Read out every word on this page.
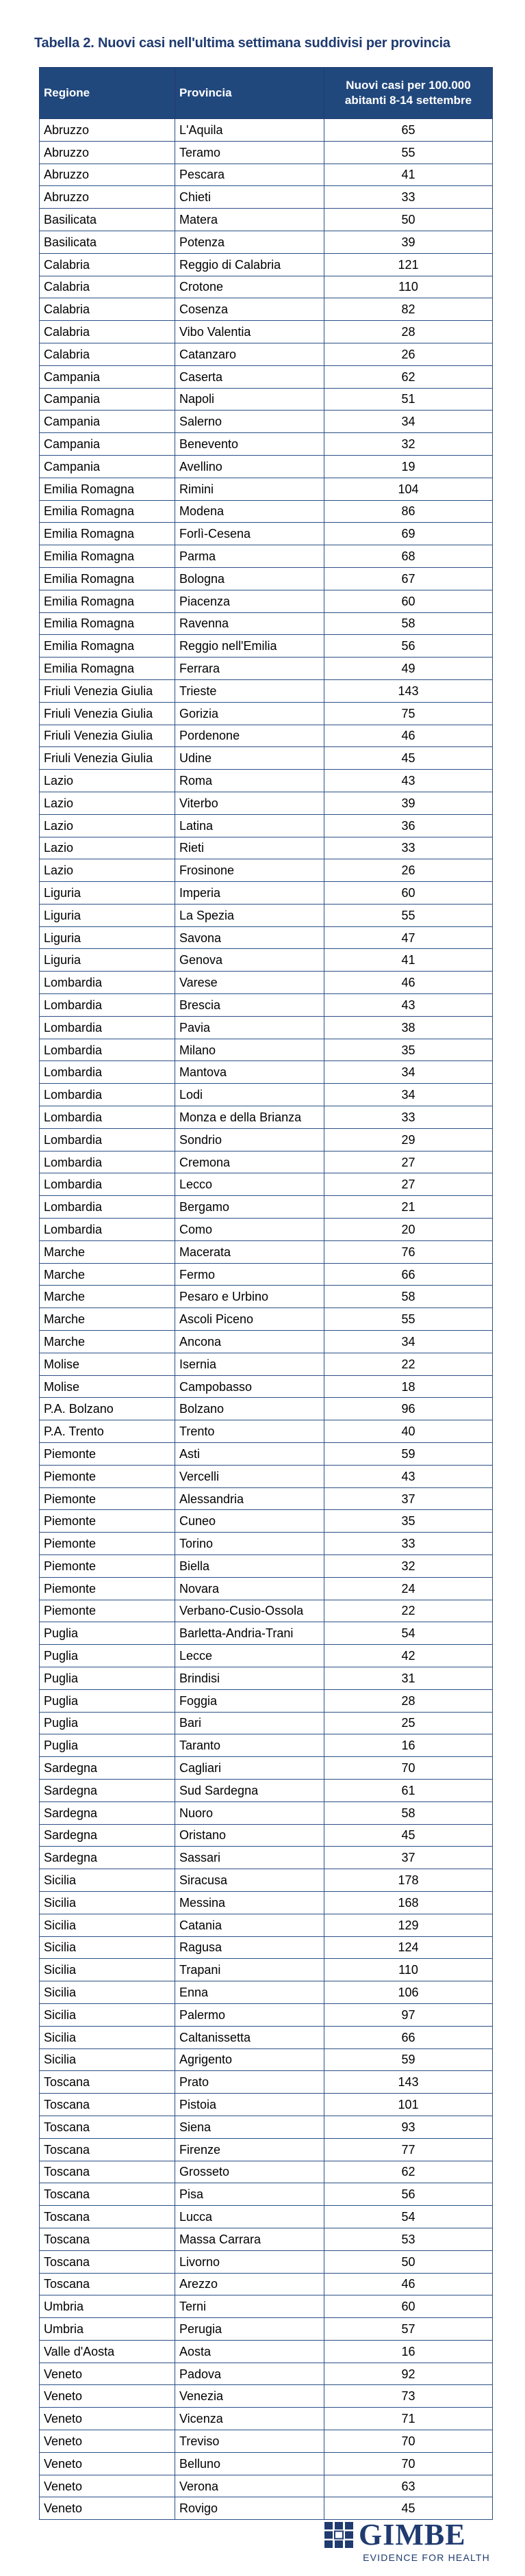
Tabella 2. Nuovi casi nell'ultima settimana suddivisi per provincia
Regione	Provincia	Nuovi casi per 100.000
abitanti 8-14 settembre

Abruzzo	L'Aquila	65
Abruzzo	Teramo	55
Abruzzo	Pescara	41
Abruzzo	Chieti	33
Basilicata	Matera	50
Basilicata	Potenza	39
Calabria	Reggio di Calabria	121
Calabria	Crotone	110
Calabria	Cosenza	82
Calabria	Vibo Valentia	28
Calabria	Catanzaro	26
Campania	Caserta	62
Campania	Napoli	51
Campania	Salerno	34
Campania	Benevento	32
Campania	Avellino	19
Emilia Romagna	Rimini	104
Emilia Romagna	Modena	86
Emilia Romagna	Forlì-Cesena	69
Emilia Romagna	Parma	68
Emilia Romagna	Bologna	67
Emilia Romagna	Piacenza	60
Emilia Romagna	Ravenna	58
Emilia Romagna	Reggio nell'Emilia	56
Emilia Romagna	Ferrara	49
Friuli Venezia Giulia	Trieste	143
Friuli Venezia Giulia	Gorizia	75
Friuli Venezia Giulia	Pordenone	46
Friuli Venezia Giulia	Udine	45
Lazio	Roma	43
Lazio	Viterbo	39
Lazio	Latina	36
Lazio	Rieti	33
Lazio	Frosinone	26
Liguria	Imperia	60
Liguria	La Spezia	55
Liguria	Savona	47
Liguria	Genova	41
Lombardia	Varese	46
Lombardia	Brescia	43
Lombardia	Pavia	38
Lombardia	Milano	35
Lombardia	Mantova	34
Lombardia	Lodi	34
Lombardia	Monza e della Brianza	33
Lombardia	Sondrio	29
Lombardia	Cremona	27
Lombardia	Lecco	27
Lombardia	Bergamo	21
Lombardia	Como	20
Marche	Macerata	76
Marche	Fermo	66
Marche	Pesaro e Urbino	58
Marche	Ascoli Piceno	55
Marche	Ancona	34
Molise	Isernia	22
Molise	Campobasso	18
P.A. Bolzano	Bolzano	96
P.A. Trento	Trento	40
Piemonte	Asti	59
Piemonte	Vercelli	43
Piemonte	Alessandria	37
Piemonte	Cuneo	35
Piemonte	Torino	33
Piemonte	Biella	32
Piemonte	Novara	24
Piemonte	Verbano-Cusio-Ossola	22
Puglia	Barletta-Andria-Trani	54
Puglia	Lecce	42
Puglia	Brindisi	31
Puglia	Foggia	28
Puglia	Bari	25
Puglia	Taranto	16
Sardegna	Cagliari	70
Sardegna	Sud Sardegna	61
Sardegna	Nuoro	58
Sardegna	Oristano	45
Sardegna	Sassari	37
Sicilia	Siracusa	178
Sicilia	Messina	168
Sicilia	Catania	129
Sicilia	Ragusa	124
Sicilia	Trapani	110
Sicilia	Enna	106
Sicilia	Palermo	97
Sicilia	Caltanissetta	66
Sicilia	Agrigento	59
Toscana	Prato	143
Toscana	Pistoia	101
Toscana	Siena	93
Toscana	Firenze	77
Toscana	Grosseto	62
Toscana	Pisa	56
Toscana	Lucca	54
Toscana	Massa Carrara	53
Toscana	Livorno	50
Toscana	Arezzo	46
Umbria	Terni	60
Umbria	Perugia	57
Valle d'Aosta	Aosta	16
Veneto	Padova	92
Veneto	Venezia	73
Veneto	Vicenza	71
Veneto	Treviso	70
Veneto	Belluno	70
Veneto	Verona	63
Veneto	Rovigo	45
GIMBE
EVIDENCE FOR HEALTH
